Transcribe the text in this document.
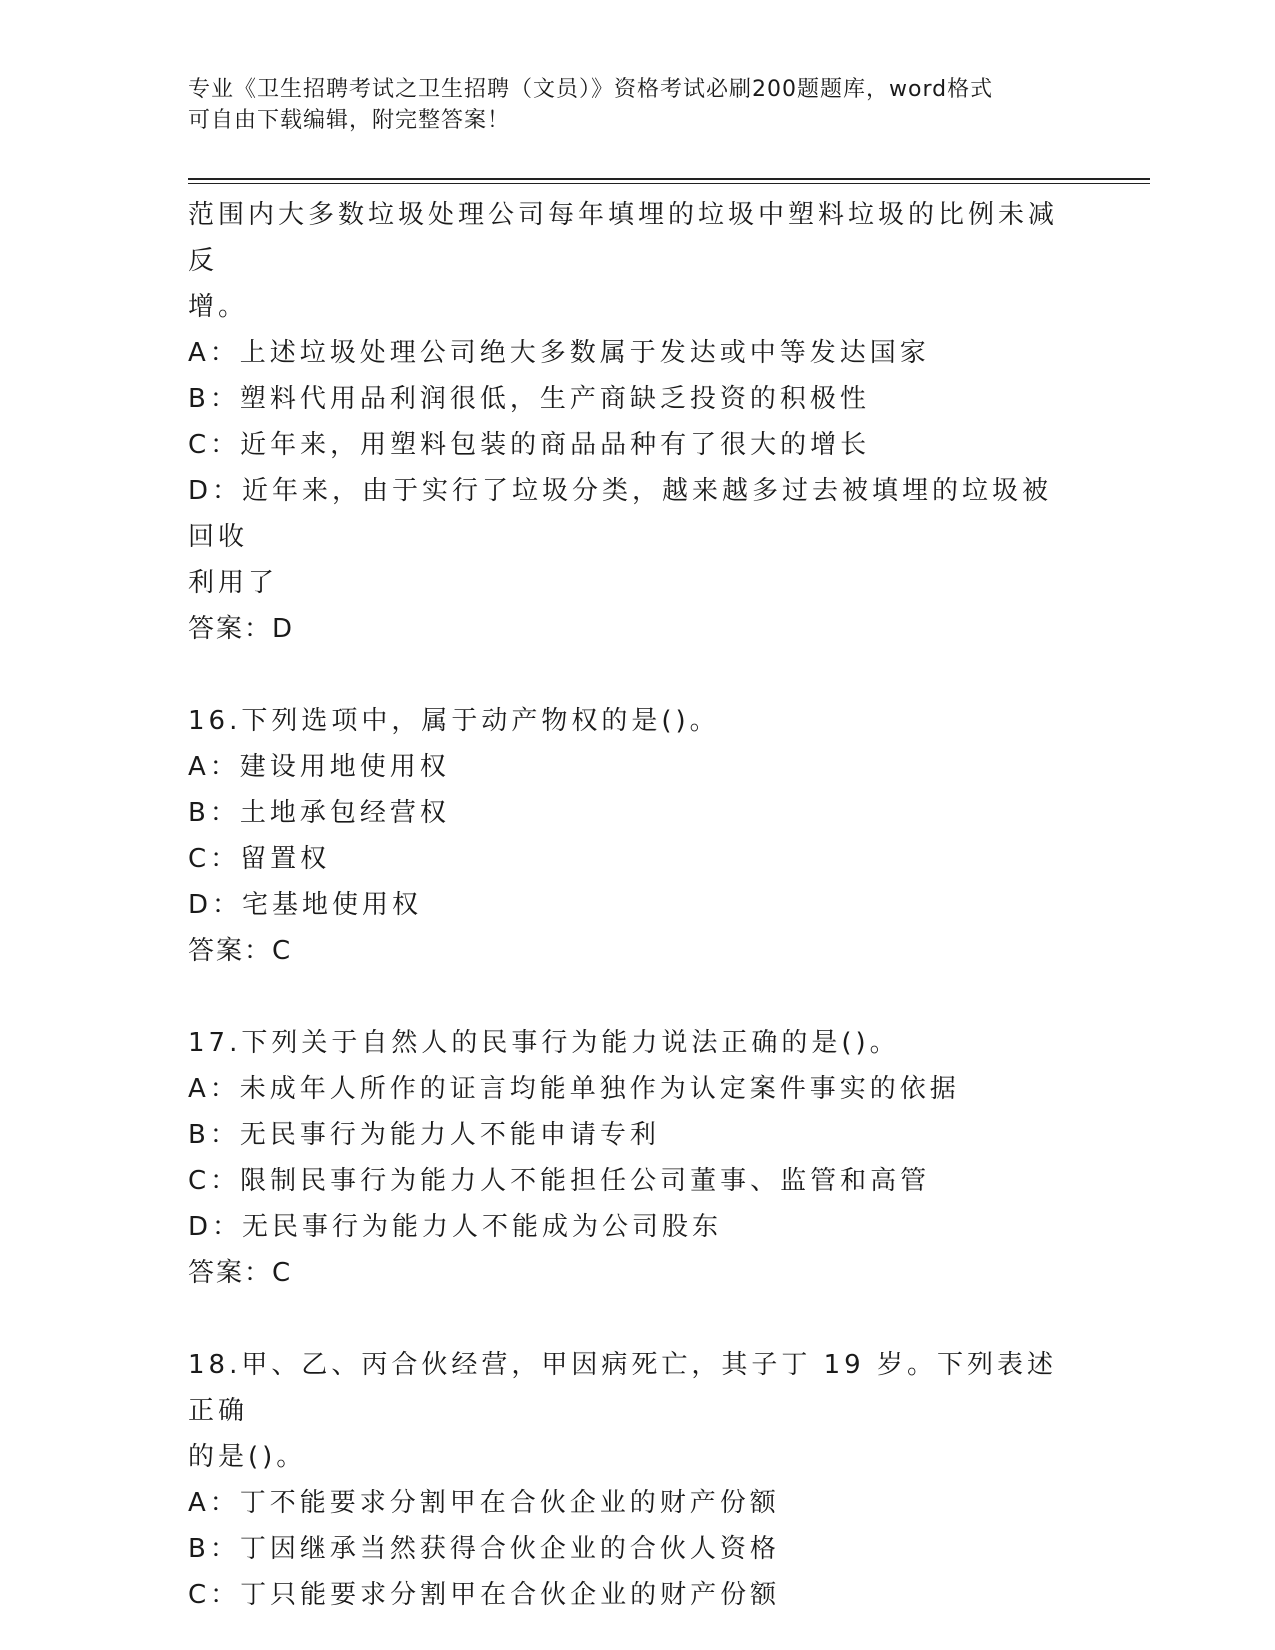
专业《卫生招聘考试之卫生招聘（文员）》资格考试必刷200题题库，word格式
可自由下载编辑，附完整答案！

范围内大多数垃圾处理公司每年填埋的垃圾中塑料垃圾的比例未减反

增。

A：上述垃圾处理公司绝大多数属于发达或中等发达国家

B：塑料代用品利润很低，生产商缺乏投资的积极性

C：近年来，用塑料包装的商品品种有了很大的增长

D：近年来，由于实行了垃圾分类，越来越多过去被填埋的垃圾被回收

利用了

答案：D

16.下列选项中，属于动产物权的是()。

A：建设用地使用权

B：土地承包经营权

C：留置权

D：宅基地使用权

答案：C

17.下列关于自然人的民事行为能力说法正确的是()。

A：未成年人所作的证言均能单独作为认定案件事实的依据

B：无民事行为能力人不能申请专利

C：限制民事行为能力人不能担任公司董事、监管和高管

D：无民事行为能力人不能成为公司股东

答案：C

18.甲、乙、丙合伙经营，甲因病死亡，其子丁 19 岁。下列表述正确

的是()。

A：丁不能要求分割甲在合伙企业的财产份额

B：丁因继承当然获得合伙企业的合伙人资格

C：丁只能要求分割甲在合伙企业的财产份额
